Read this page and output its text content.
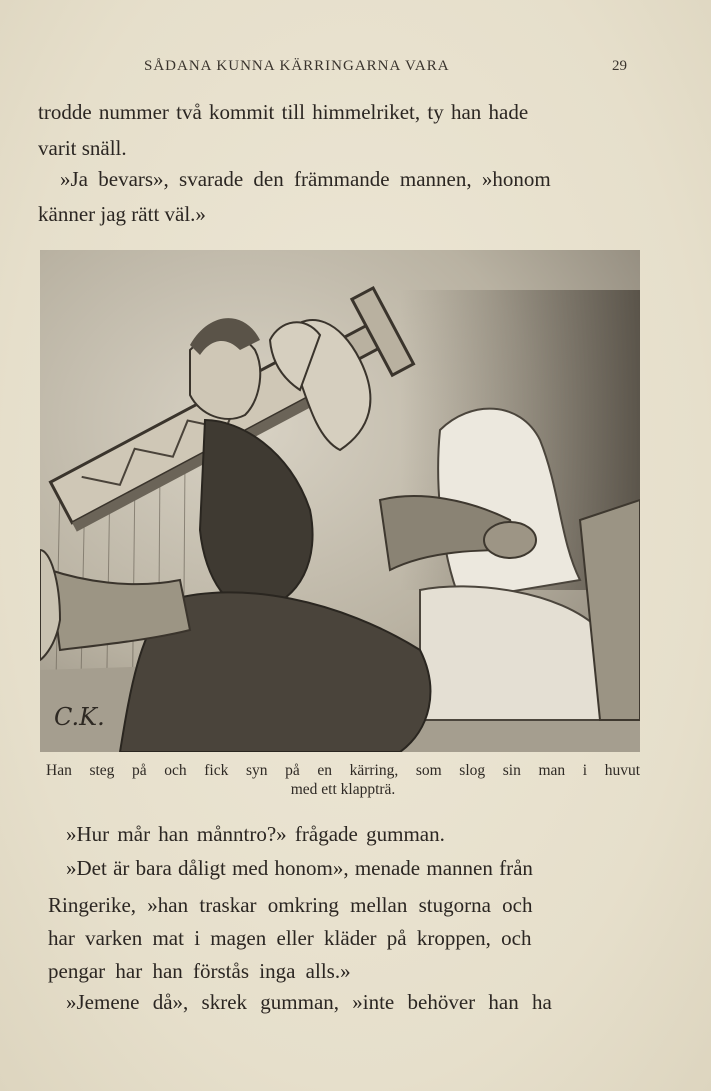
SÅDANA KUNNA KÄRRINGARNA VARA	29
trodde nummer två kommit till himmelriket, ty han hade
varit snäll.
»Ja bevars», svarade den främmande mannen, »honom
känner jag rätt väl.»
C.K.
Han steg på och fick syn på en kärring, som slog sin man i huvut
med ett klappträ.
»Hur mår han månntro?» frågade gumman.
»Det är bara dåligt med honom», menade mannen från
Ringerike, »han traskar omkring mellan stugorna och
har varken mat i magen eller kläder på kroppen, och
pengar har han förstås inga alls.»
»Jemene då», skrek gumman, »inte behöver han ha
